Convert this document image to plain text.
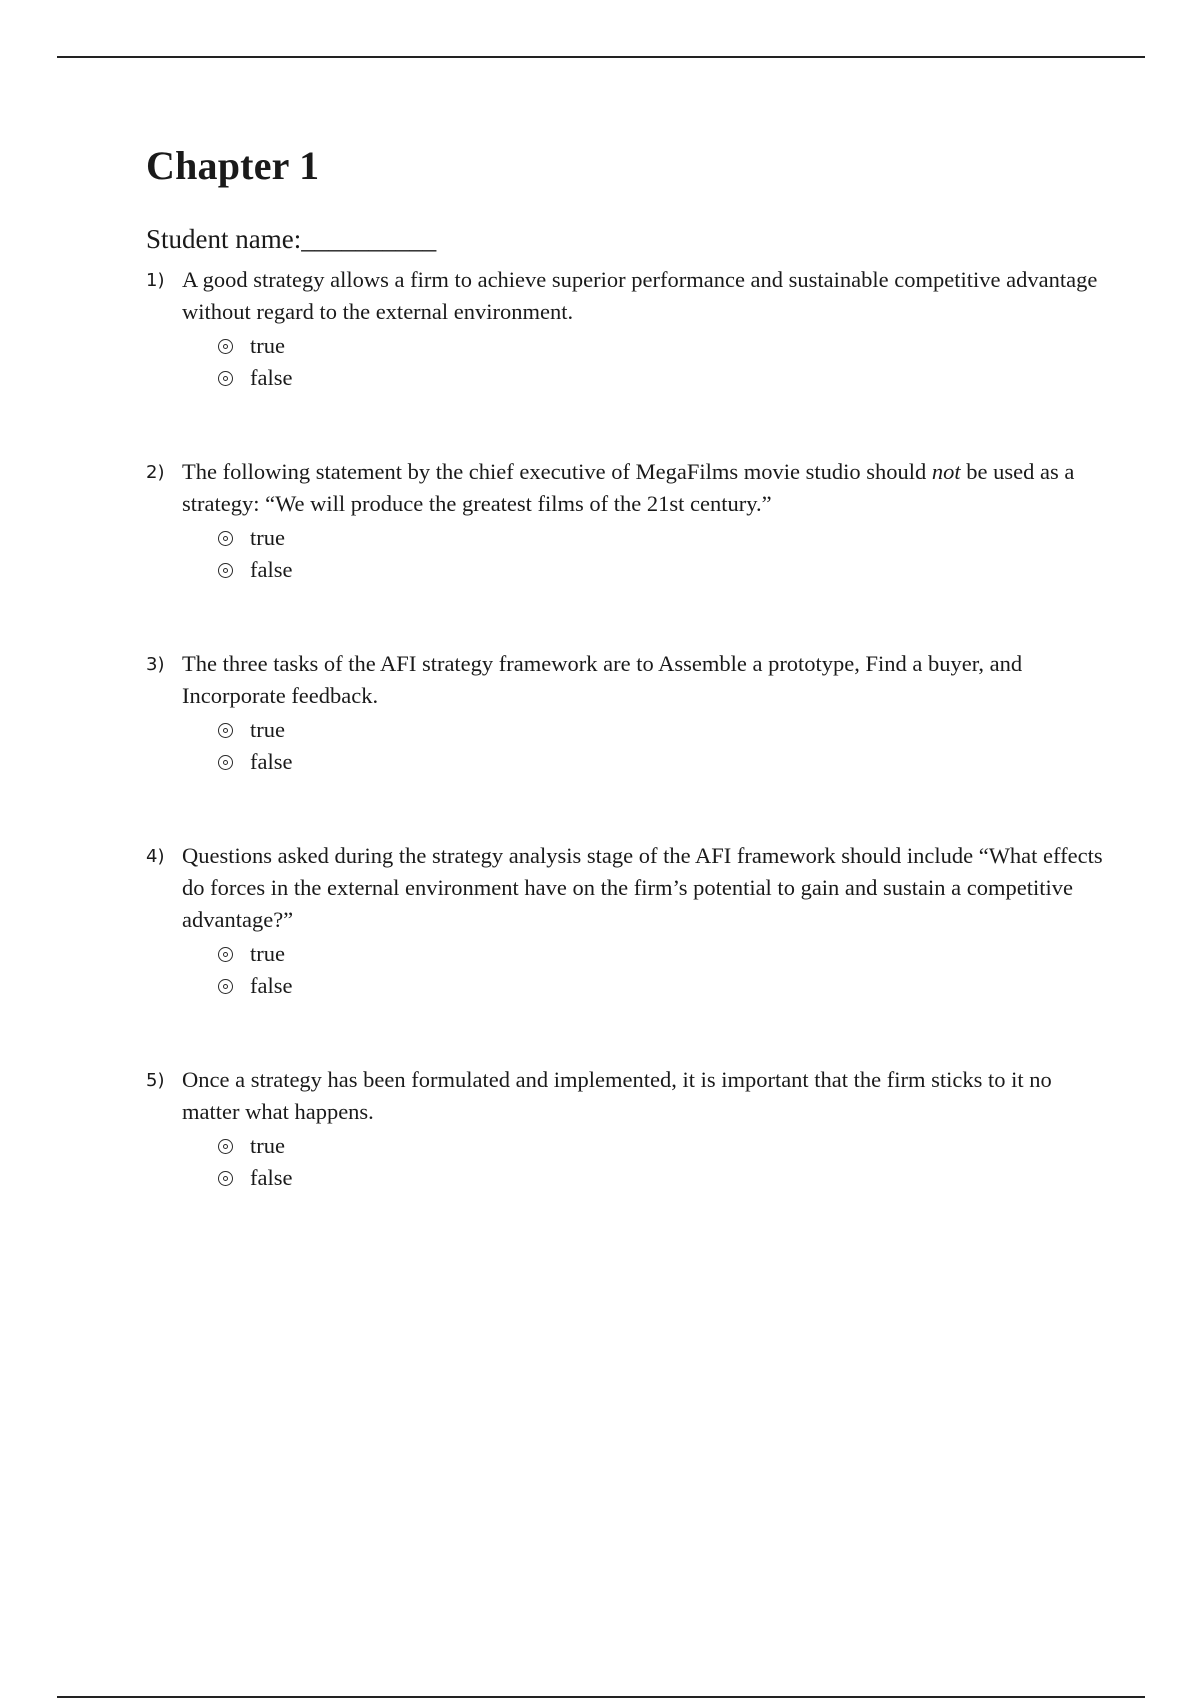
Chapter 1
Student name:__________
1) A good strategy allows a firm to achieve superior performance and sustainable competitive advantage without regard to the external environment.
true
false
2) The following statement by the chief executive of MegaFilms movie studio should not be used as a strategy: “We will produce the greatest films of the 21st century.”
true
false
3) The three tasks of the AFI strategy framework are to Assemble a prototype, Find a buyer, and Incorporate feedback.
true
false
4) Questions asked during the strategy analysis stage of the AFI framework should include “What effects do forces in the external environment have on the firm’s potential to gain and sustain a competitive advantage?”
true
false
5) Once a strategy has been formulated and implemented, it is important that the firm sticks to it no matter what happens.
true
false
